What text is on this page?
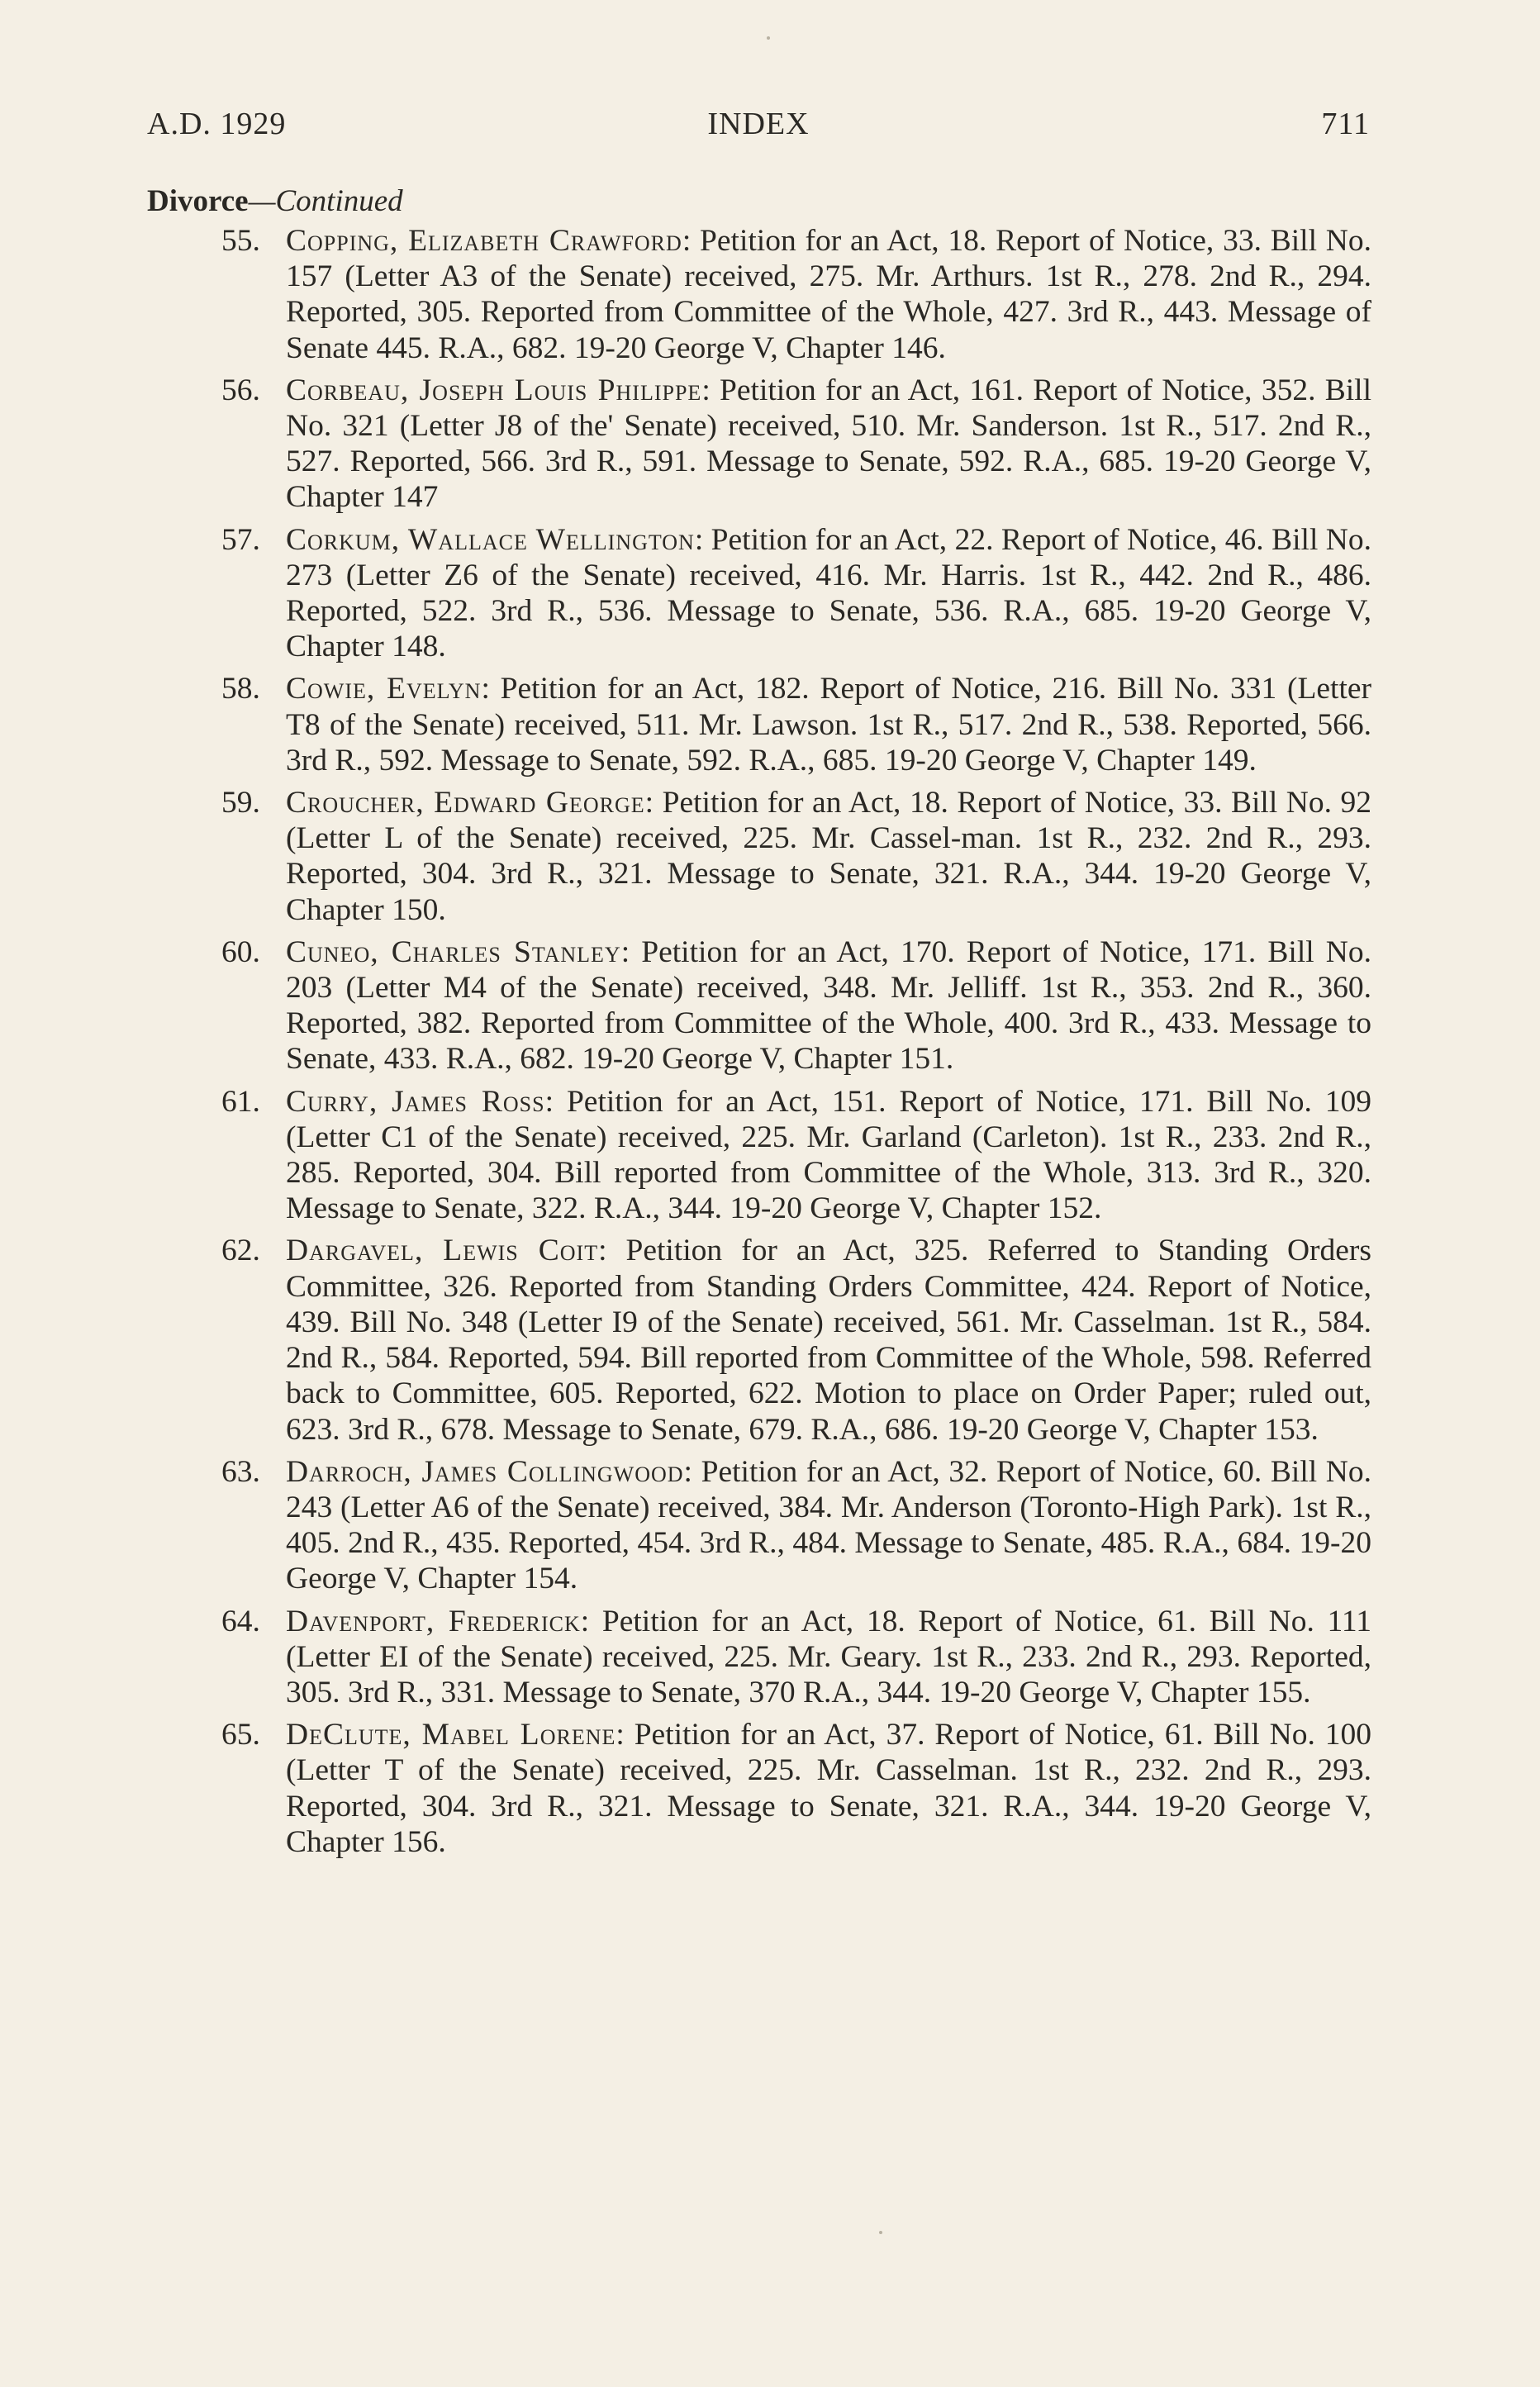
A.D. 1929	INDEX	711
Divorce—Continued
55. Copping, Elizabeth Crawford: Petition for an Act, 18. Report of Notice, 33. Bill No. 157 (Letter A3 of the Senate) received, 275. Mr. Arthurs. 1st R., 278. 2nd R., 294. Reported, 305. Reported from Committee of the Whole, 427. 3rd R., 443. Message of Senate 445. R.A., 682. 19-20 George V, Chapter 146.
56. Corbeau, Joseph Louis Philippe: Petition for an Act, 161. Report of Notice, 352. Bill No. 321 (Letter J8 of the' Senate) received, 510. Mr. Sanderson. 1st R., 517. 2nd R., 527. Reported, 566. 3rd R., 591. Message to Senate, 592. R.A., 685. 19-20 George V, Chapter 147
57. Corkum, Wallace Wellington: Petition for an Act, 22. Report of Notice, 46. Bill No. 273 (Letter Z6 of the Senate) received, 416. Mr. Harris. 1st R., 442. 2nd R., 486. Reported, 522. 3rd R., 536. Message to Senate, 536. R.A., 685. 19-20 George V, Chapter 148.
58. Cowie, Evelyn: Petition for an Act, 182. Report of Notice, 216. Bill No. 331 (Letter T8 of the Senate) received, 511. Mr. Lawson. 1st R., 517. 2nd R., 538. Reported, 566. 3rd R., 592. Message to Senate, 592. R.A., 685. 19-20 George V, Chapter 149.
59. Croucher, Edward George: Petition for an Act, 18. Report of Notice, 33. Bill No. 92 (Letter L of the Senate) received, 225. Mr. Cassel-man. 1st R., 232. 2nd R., 293. Reported, 304. 3rd R., 321. Message to Senate, 321. R.A., 344. 19-20 George V, Chapter 150.
60. Cuneo, Charles Stanley: Petition for an Act, 170. Report of Notice, 171. Bill No. 203 (Letter M4 of the Senate) received, 348. Mr. Jelliff. 1st R., 353. 2nd R., 360. Reported, 382. Reported from Committee of the Whole, 400. 3rd R., 433. Message to Senate, 433. R.A., 682. 19-20 George V, Chapter 151.
61. Curry, James Ross: Petition for an Act, 151. Report of Notice, 171. Bill No. 109 (Letter C1 of the Senate) received, 225. Mr. Garland (Carleton). 1st R., 233. 2nd R., 285. Reported, 304. Bill reported from Committee of the Whole, 313. 3rd R., 320. Message to Senate, 322. R.A., 344. 19-20 George V, Chapter 152.
62. Dargavel, Lewis Coit: Petition for an Act, 325. Referred to Standing Orders Committee, 326. Reported from Standing Orders Committee, 424. Report of Notice, 439. Bill No. 348 (Letter I9 of the Senate) received, 561. Mr. Casselman. 1st R., 584. 2nd R., 584. Reported, 594. Bill reported from Committee of the Whole, 598. Referred back to Committee, 605. Reported, 622. Motion to place on Order Paper; ruled out, 623. 3rd R., 678. Message to Senate, 679. R.A., 686. 19-20 George V, Chapter 153.
63. Darroch, James Collingwood: Petition for an Act, 32. Report of Notice, 60. Bill No. 243 (Letter A6 of the Senate) received, 384. Mr. Anderson (Toronto-High Park). 1st R., 405. 2nd R., 435. Reported, 454. 3rd R., 484. Message to Senate, 485. R.A., 684. 19-20 George V, Chapter 154.
64. Davenport, Frederick: Petition for an Act, 18. Report of Notice, 61. Bill No. 111 (Letter EI of the Senate) received, 225. Mr. Geary. 1st R., 233. 2nd R., 293. Reported, 305. 3rd R., 331. Message to Senate, 370 R.A., 344. 19-20 George V, Chapter 155.
65. DeClute, Mabel Lorene: Petition for an Act, 37. Report of Notice, 61. Bill No. 100 (Letter T of the Senate) received, 225. Mr. Casselman. 1st R., 232. 2nd R., 293. Reported, 304. 3rd R., 321. Message to Senate, 321. R.A., 344. 19-20 George V, Chapter 156.
